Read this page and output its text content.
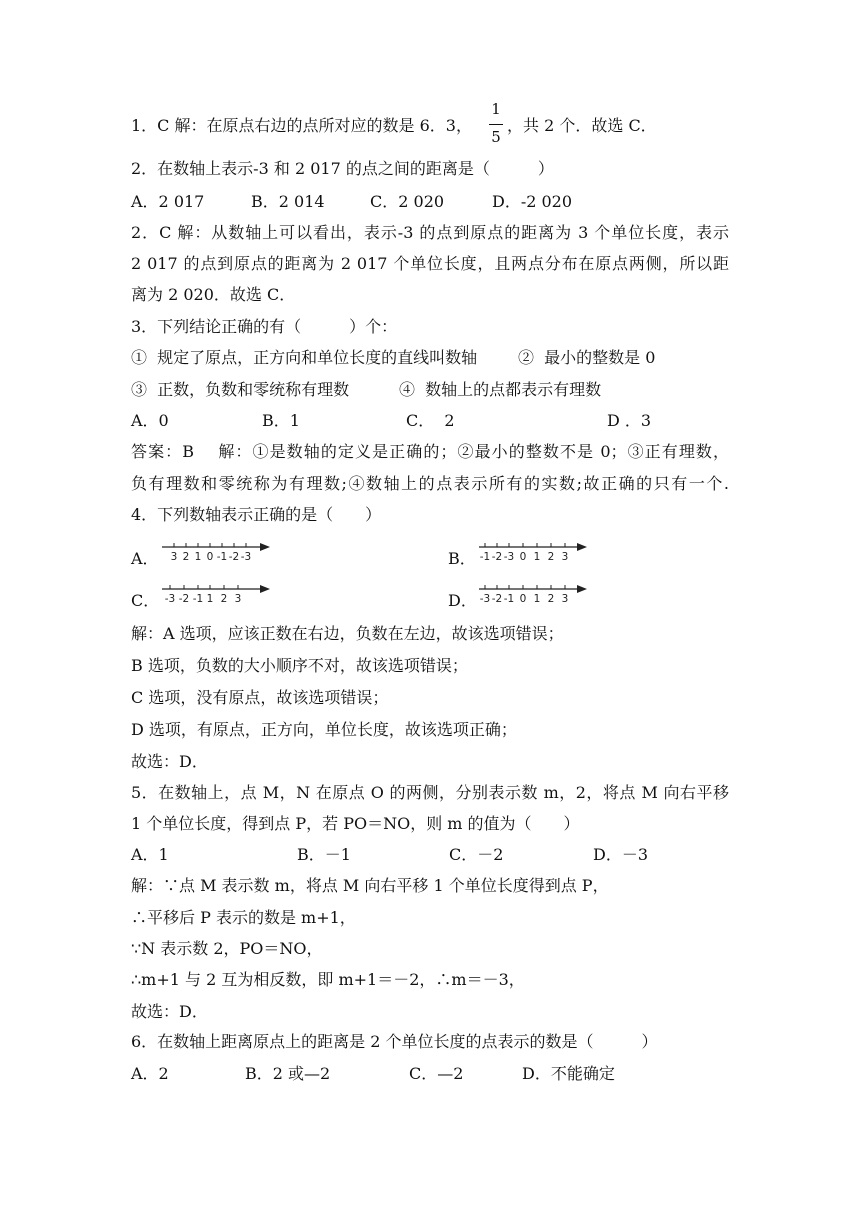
1．C 解：在原点右边的点所对应的数是 6．3，
1
5
，共 2 个．故选 C．
2．在数轴上表示-3 和 2 017 的点之间的距离是（　　　）
A．2 017	B．2 014	C．2 020	D．-2 020
2．C 解：从数轴上可以看出，表示-3 的点到原点的距离为 3 个单位长度，表示
2 017 的点到原点的距离为 2 017 个单位长度，且两点分布在原点两侧，所以距
离为 2 020．故选 C．
3．下列结论正确的有（　　　）个：
①  规定了原点，正方向和单位长度的直线叫数轴	②  最小的整数是 0
③  正数，负数和零统称有理数	④  数轴上的点都表示有理数
A．0	B．1	C．  2	D ．3
答案：B　 解：①是数轴的定义是正确的；②最小的整数不是 0；③正有理数，
负有理数和零统称为有理数;④数轴上的点表示所有的实数;故正确的只有一个.
4．下列数轴表示正确的是（　　）
A． 3 2 1 0 -1 -2 -3	B． -1 -2 -3 0 1 2 3
C． -3 -2 -1 1 2 3	D． -3 -2 -1 0 1 2 3
解：A 选项，应该正数在右边，负数在左边，故该选项错误；
B 选项，负数的大小顺序不对，故该选项错误；
C 选项，没有原点，故该选项错误；
D 选项，有原点，正方向，单位长度，故该选项正确；
故选：D．
5．在数轴上，点 M，N 在原点 O 的两侧，分别表示数 m，2，将点 M 向右平移
1 个单位长度，得到点 P，若 PO＝NO，则 m 的值为（　　）
A．1	B．－1	C．－2	D．－3
解：∵点 M 表示数 m，将点 M 向右平移 1 个单位长度得到点 P，
∴平移后 P 表示的数是 m+1，
∵N 表示数 2，PO＝NO，
∴m+1 与 2 互为相反数，即 m+1＝－2，∴m＝－3，
故选：D．
6．在数轴上距离原点上的距离是 2 个单位长度的点表示的数是（　　　）
A．2	B．2 或—2	C．—2	D．不能确定
